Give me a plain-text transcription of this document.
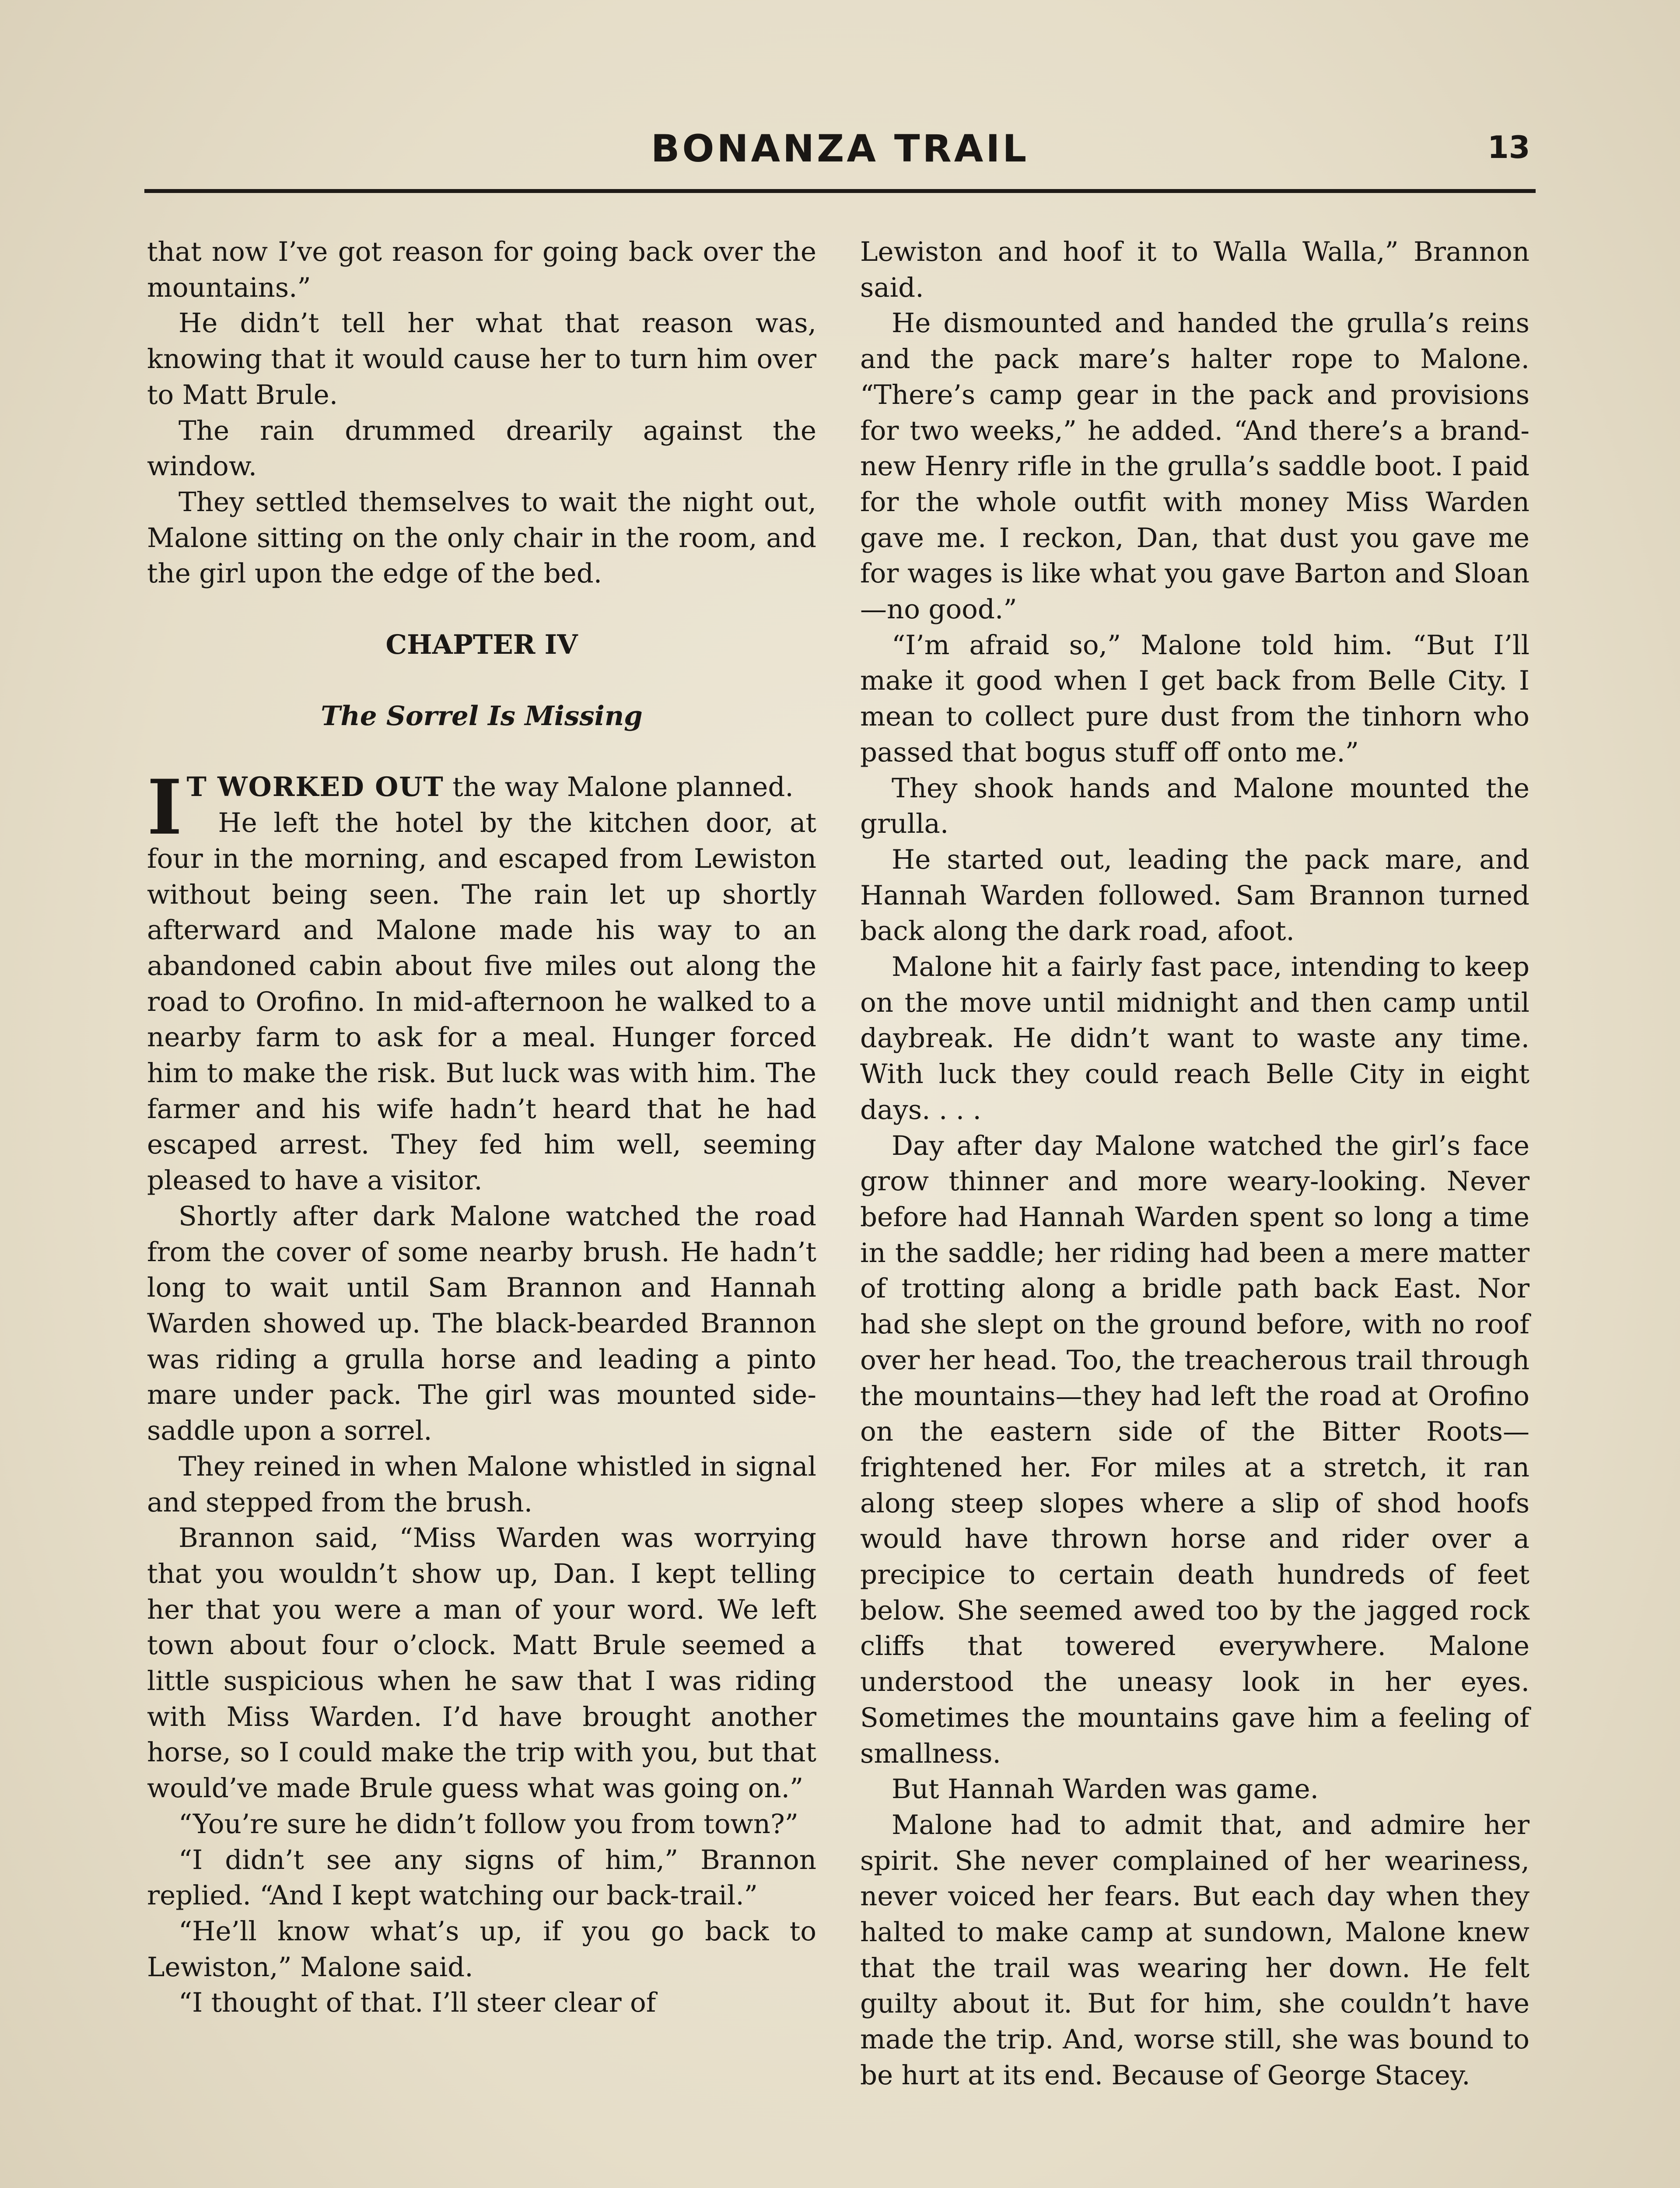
BONANZA TRAIL	13

that now I’ve got reason for going back over the mountains.”

He didn’t tell her what that reason was, knowing that it would cause her to turn him over to Matt Brule.

The rain drummed drearily against the window.

They settled themselves to wait the night out, Malone sitting on the only chair in the room, and the girl upon the edge of the bed.

CHAPTER IV
The Sorrel Is Missing

I T WORKED OUT the way Malone planned.

He left the hotel by the kitchen door, at four in the morning, and escaped from Lewiston without being seen. The rain let up shortly afterward and Malone made his way to an abandoned cabin about five miles out along the road to Orofino. In mid-afternoon he walked to a nearby farm to ask for a meal. Hunger forced him to make the risk. But luck was with him. The farmer and his wife hadn’t heard that he had escaped arrest. They fed him well, seeming pleased to have a visitor.

Shortly after dark Malone watched the road from the cover of some nearby brush. He hadn’t long to wait until Sam Brannon and Hannah Warden showed up. The black-bearded Brannon was riding a grulla horse and leading a pinto mare under pack. The girl was mounted side-saddle upon a sorrel.

They reined in when Malone whistled in signal and stepped from the brush.

Brannon said, “Miss Warden was worrying that you wouldn’t show up, Dan. I kept telling her that you were a man of your word. We left town about four o’clock. Matt Brule seemed a little suspicious when he saw that I was riding with Miss Warden. I’d have brought another horse, so I could make the trip with you, but that would’ve made Brule guess what was going on.”

“You’re sure he didn’t follow you from town?”

“I didn’t see any signs of him,” Brannon replied. “And I kept watching our back-trail.”

“He’ll know what’s up, if you go back to Lewiston,” Malone said.

“I thought of that. I’ll steer clear of

Lewiston and hoof it to Walla Walla,” Brannon said.

He dismounted and handed the grulla’s reins and the pack mare’s halter rope to Malone. “There’s camp gear in the pack and provisions for two weeks,” he added. “And there’s a brand-new Henry rifle in the grulla’s saddle boot. I paid for the whole outfit with money Miss Warden gave me. I reckon, Dan, that dust you gave me for wages is like what you gave Barton and Sloan—no good.”

“I’m afraid so,” Malone told him. “But I’ll make it good when I get back from Belle City. I mean to collect pure dust from the tinhorn who passed that bogus stuff off onto me.”

They shook hands and Malone mounted the grulla.

He started out, leading the pack mare, and Hannah Warden followed. Sam Brannon turned back along the dark road, afoot.

Malone hit a fairly fast pace, intending to keep on the move until midnight and then camp until daybreak. He didn’t want to waste any time. With luck they could reach Belle City in eight days. . . .

Day after day Malone watched the girl’s face grow thinner and more weary-looking. Never before had Hannah Warden spent so long a time in the saddle; her riding had been a mere matter of trotting along a bridle path back East. Nor had she slept on the ground before, with no roof over her head. Too, the treacherous trail through the mountains—they had left the road at Orofino on the eastern side of the Bitter Roots—frightened her. For miles at a stretch, it ran along steep slopes where a slip of shod hoofs would have thrown horse and rider over a precipice to certain death hundreds of feet below. She seemed awed too by the jagged rock cliffs that towered everywhere. Malone understood the uneasy look in her eyes. Sometimes the mountains gave him a feeling of smallness.

But Hannah Warden was game.

Malone had to admit that, and admire her spirit. She never complained of her weariness, never voiced her fears. But each day when they halted to make camp at sundown, Malone knew that the trail was wearing her down. He felt guilty about it. But for him, she couldn’t have made the trip. And, worse still, she was bound to be hurt at its end. Because of George Stacey.
